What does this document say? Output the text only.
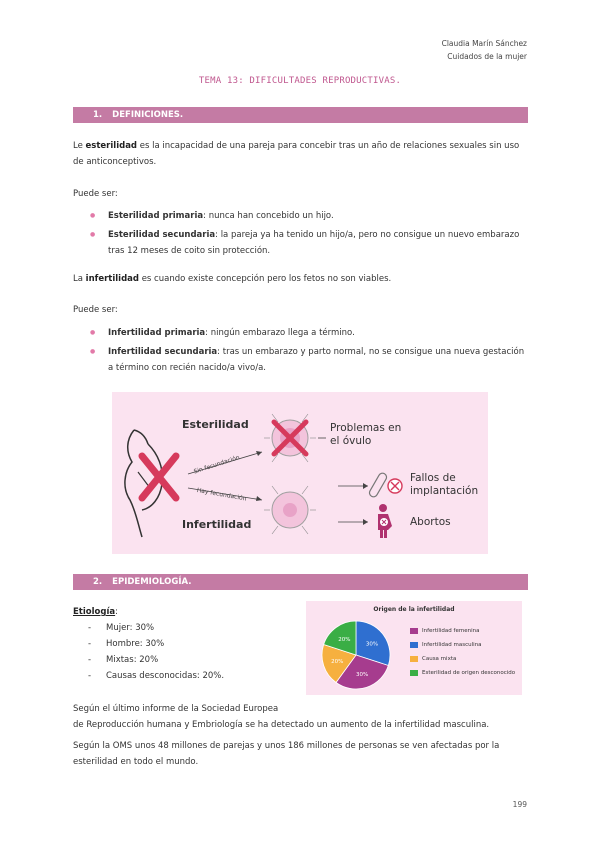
Claudia Marín Sánchez
Cuidados de la mujer
TEMA 13: DIFICULTADES REPRODUCTIVAS.
1. DEFINICIONES.
Le esterilidad es la incapacidad de una pareja para concebir tras un año de relaciones sexuales sin uso de anticonceptivos.
Puede ser:
● Esterilidad primaria: nunca han concebido un hijo.
● Esterilidad secundaria: la pareja ya ha tenido un hijo/a, pero no consigue un nuevo embarazo tras 12 meses de coito sin protección.
La infertilidad es cuando existe concepción pero los fetos no son viables.
Puede ser:
● Infertilidad primaria: ningún embarazo llega a término.
● Infertilidad secundaria: tras un embarazo y parto normal, no se consigue una nueva gestación a término con recién nacido/a vivo/a.
Esterilidad
Infertilidad
Sin fecundación
Hay fecundación
Problemas en
el óvulo
Fallos de
implantación
Abortos
2. EPIDEMIOLOGÍA.
Etiología:
- Mujer: 30%
- Hombre: 30%
- Mixtas: 20%
- Causas desconocidas: 20%.
Origen de la infertilidad
30%
30%
20%
20%
Infertilidad femenina
Infertilidad masculina
Causa mixta
Esterilidad de origen desconocido
Según el último informe de la Sociedad Europea
de Reproducción humana y Embriología se ha detectado un aumento de la infertilidad masculina.
Según la OMS unos 48 millones de parejas y unos 186 millones de personas se ven afectadas por la esterilidad en todo el mundo.
199
